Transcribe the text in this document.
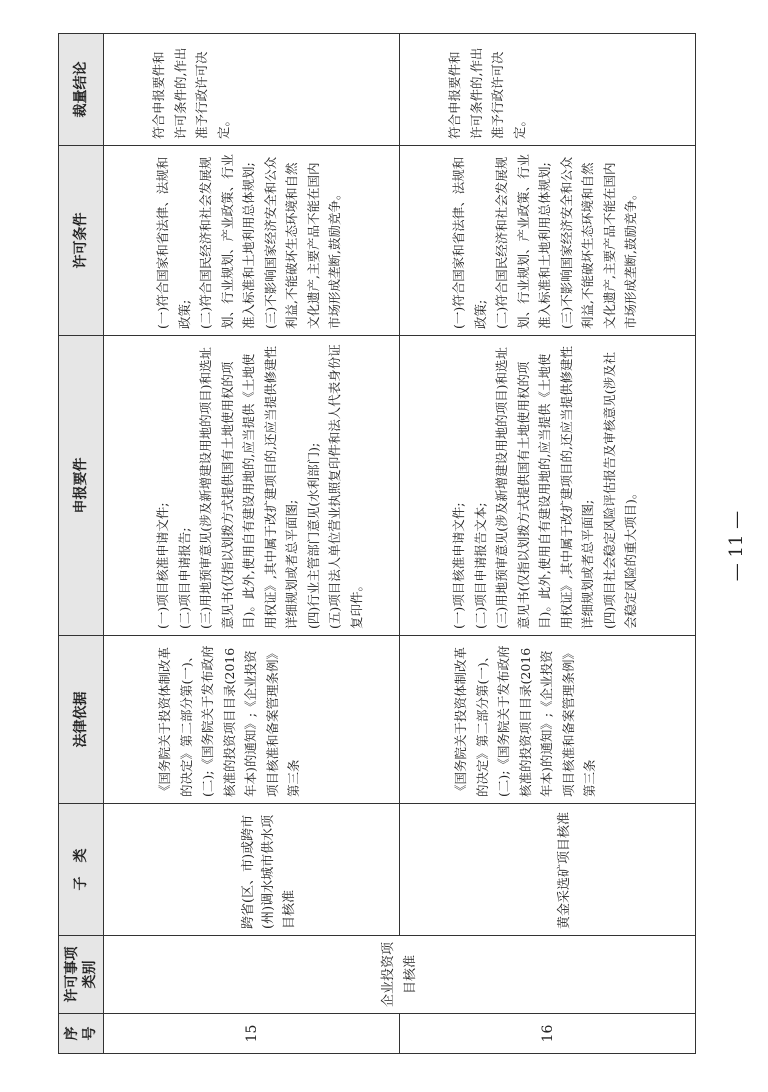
序号	许可事项类别	子　类	法律依据	申报要件	许可条件	裁量结论
15	企业投资项目核准	跨省(区、市)或跨市(州)调水城市供水项目核准	《国务院关于投资体制改革的决定》第二部分第(一)、(二);《国务院关于发布政府核准的投资项目目录(2016年本)的通知》;《企业投资项目核准和备案管理条例》第三条	(一)项目核准申请文件; (二)项目申请报告; (三)用地预审意见(涉及新增建设用地的项目)和选址意见书(仅指以划拨方式提供国有土地使用权的项目)。此外,使用自有建设用地的,应当提供《土地使用权证》,其中属于改扩建项目的,还应当提供修建性详细规划或者总平面图; (四)行业主管部门意见(水利部门); (五)项目法人单位营业执照复印件和法人代表身份证复印件。	(一)符合国家和省法律、法规和政策; (二)符合国民经济和社会发展规划、行业规划、产业政策、行业准入标准和土地利用总体规划; (三)不影响国家经济安全和公众利益,不能破坏生态环境和自然文化遗产,主要产品不能在国内市场形成垄断,鼓励竞争。	符合申报要件和许可条件的,作出准予行政许可决定。
16		黄金采选矿项目核准	《国务院关于投资体制改革的决定》第二部分第(一)、(二);《国务院关于发布政府核准的投资项目目录(2016年本)的通知》;《企业投资项目核准和备案管理条例》第三条	(一)项目核准申请文件; (二)项目申请报告文本; (三)用地预审意见(涉及新增建设用地的项目)和选址意见书(仅指以划拨方式提供国有土地使用权的项目)。此外,使用自有建设用地的,应当提供《土地使用权证》,其中属于改扩建项目的,还应当提供修建性详细规划或者总平面图; (四)项目社会稳定风险评估报告及审核意见(涉及社会稳定风险的重大项目)。	(一)符合国家和省法律、法规和政策; (二)符合国民经济和社会发展规划、行业规划、产业政策、行业准入标准和土地利用总体规划; (三)不影响国家经济安全和公众利益,不能破坏生态环境和自然文化遗产,主要产品不能在国内市场形成垄断,鼓励竞争。	符合申报要件和许可条件的,作出准予行政许可决定。
— 11 —
